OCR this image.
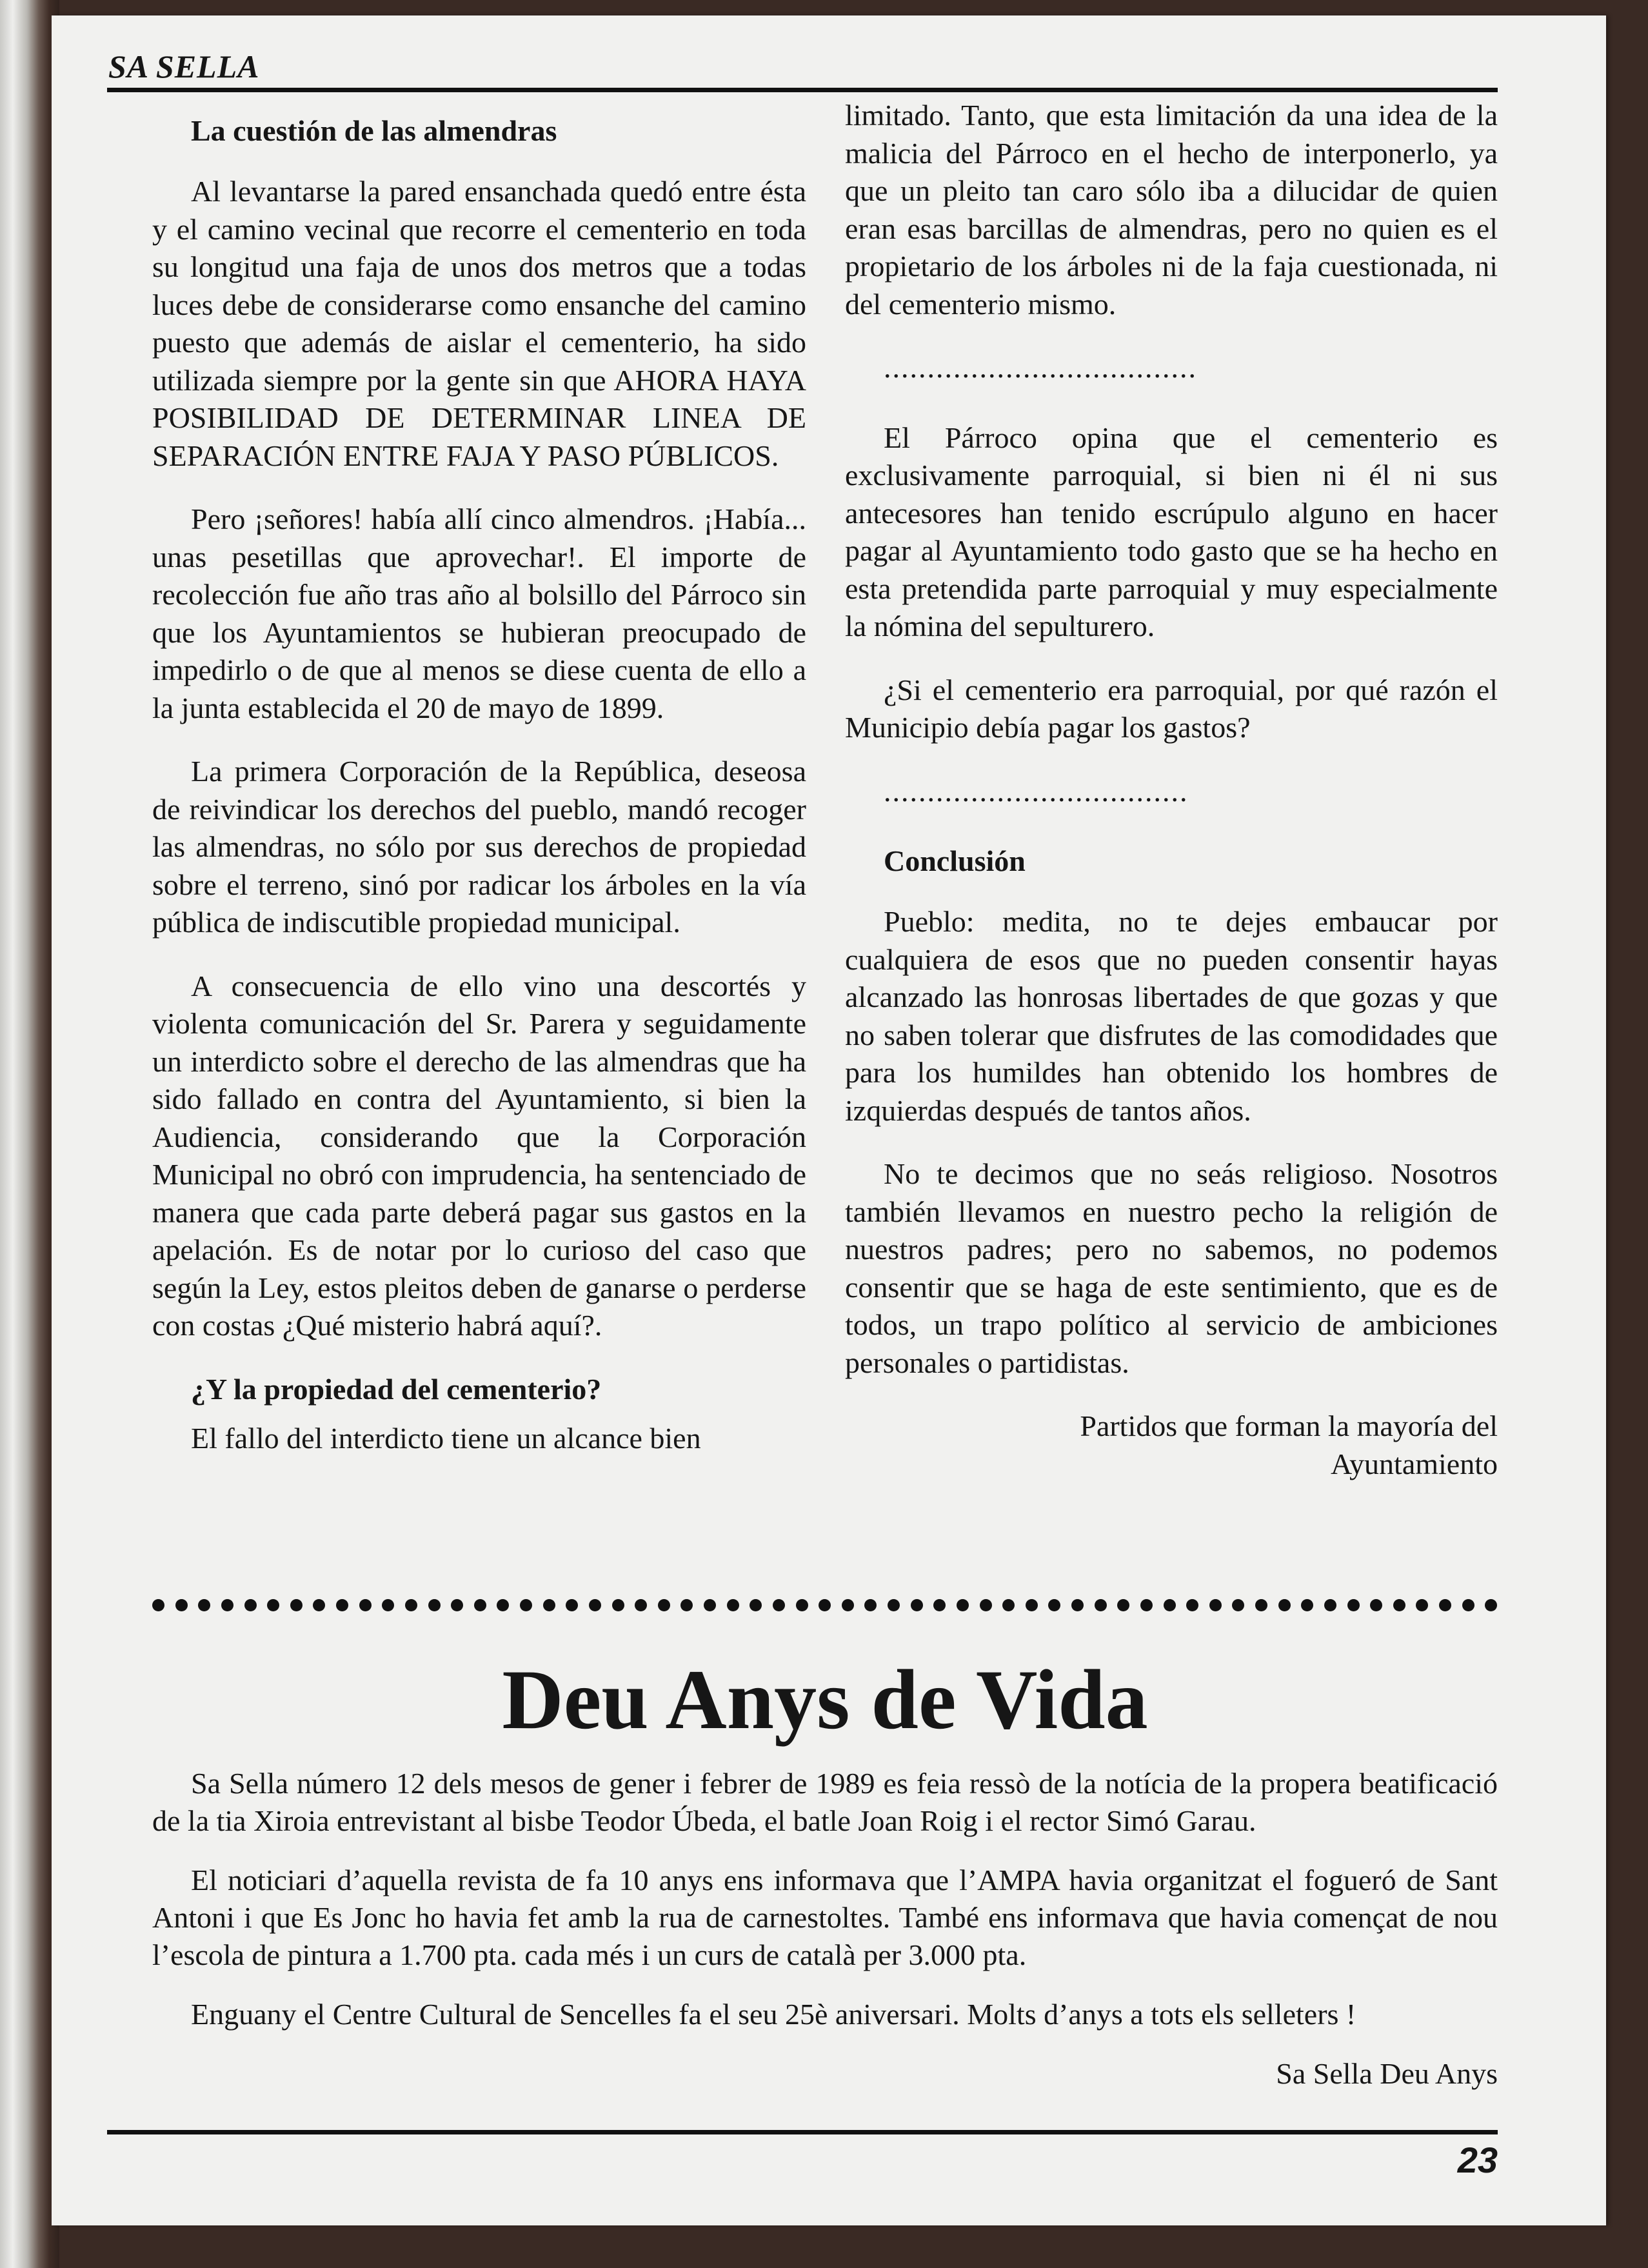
SA SELLA
La cuestión de las almendras

Al levantarse la pared ensanchada quedó entre ésta y el camino vecinal que recorre el cementerio en toda su longitud una faja de unos dos metros que a todas luces debe de considerarse como ensanche del camino puesto que además de aislar el cementerio, ha sido utilizada siempre por la gente sin que AHORA HAYA POSIBILIDAD DE DETERMINAR LINEA DE SEPARACIÓN ENTRE FAJA Y PASO PÚBLICOS.

Pero ¡señores! había allí cinco almendros. ¡Había... unas pesetillas que aprovechar!. El importe de recolección fue año tras año al bolsillo del Párroco sin que los Ayuntamientos se hubieran preocupado de impedirlo o de que al menos se diese cuenta de ello a la junta establecida el 20 de mayo de 1899.

La primera Corporación de la República, deseosa de reivindicar los derechos del pueblo, mandó recoger las almendras, no sólo por sus derechos de propiedad sobre el terreno, sinó por radicar los árboles en la vía pública de indiscutible propiedad municipal.

A consecuencia de ello vino una descortés y violenta comunicación del Sr. Parera y seguidamente un interdicto sobre el derecho de las almendras que ha sido fallado en contra del Ayuntamiento, si bien la Audiencia, considerando que la Corporación Municipal no obró con imprudencia, ha sentenciado de manera que cada parte deberá pagar sus gastos en la apelación. Es de notar por lo curioso del caso que según la Ley, estos pleitos deben de ganarse o perderse con costas ¿Qué misterio habrá aquí?.

¿Y la propiedad del cementerio?

El fallo del interdicto tiene un alcance bien

limitado. Tanto, que esta limitación da una idea de la malicia del Párroco en el hecho de interponerlo, ya que un pleito tan caro sólo iba a dilucidar de quien eran esas barcillas de almendras, pero no quien es el propietario de los árboles ni de la faja cuestionada, ni del cementerio mismo.

....................................

El Párroco opina que el cementerio es exclusivamente parroquial, si bien ni él ni sus antecesores han tenido escrúpulo alguno en hacer pagar al Ayuntamiento todo gasto que se ha hecho en esta pretendida parte parroquial y muy especialmente la nómina del sepulturero.

¿Si el cementerio era parroquial, por qué razón el Municipio debía pagar los gastos?

...................................

Conclusión

Pueblo: medita, no te dejes embaucar por cualquiera de esos que no pueden consentir hayas alcanzado las honrosas libertades de que gozas y que no saben tolerar que disfrutes de las comodidades que para los humildes han obtenido los hombres de izquierdas después de tantos años.

No te decimos que no seás religioso. Nosotros también llevamos en nuestro pecho la religión de nuestros padres; pero no sabemos, no podemos consentir que se haga de este sentimiento, que es de todos, un trapo político al servicio de ambiciones personales o partidistas.

Partidos que forman la mayoría del
Ayuntamiento

Deu Anys de Vida

Sa Sella número 12 dels mesos de gener i febrer de 1989 es feia ressò de la notícia de la propera beatificació de la tia Xiroia entrevistant al bisbe Teodor Úbeda, el batle Joan Roig i el rector Simó Garau.

El noticiari d’aquella revista de fa 10 anys ens informava que l’AMPA havia organitzat el fogueró de Sant Antoni i que Es Jonc ho havia fet amb la rua de carnestoltes. També ens informava que havia començat de nou l’escola de pintura a 1.700 pta. cada més i un curs de català per 3.000 pta.

Enguany el Centre Cultural de Sencelles fa el seu 25è aniversari. Molts d’anys a tots els selleters !

Sa Sella Deu Anys

23
